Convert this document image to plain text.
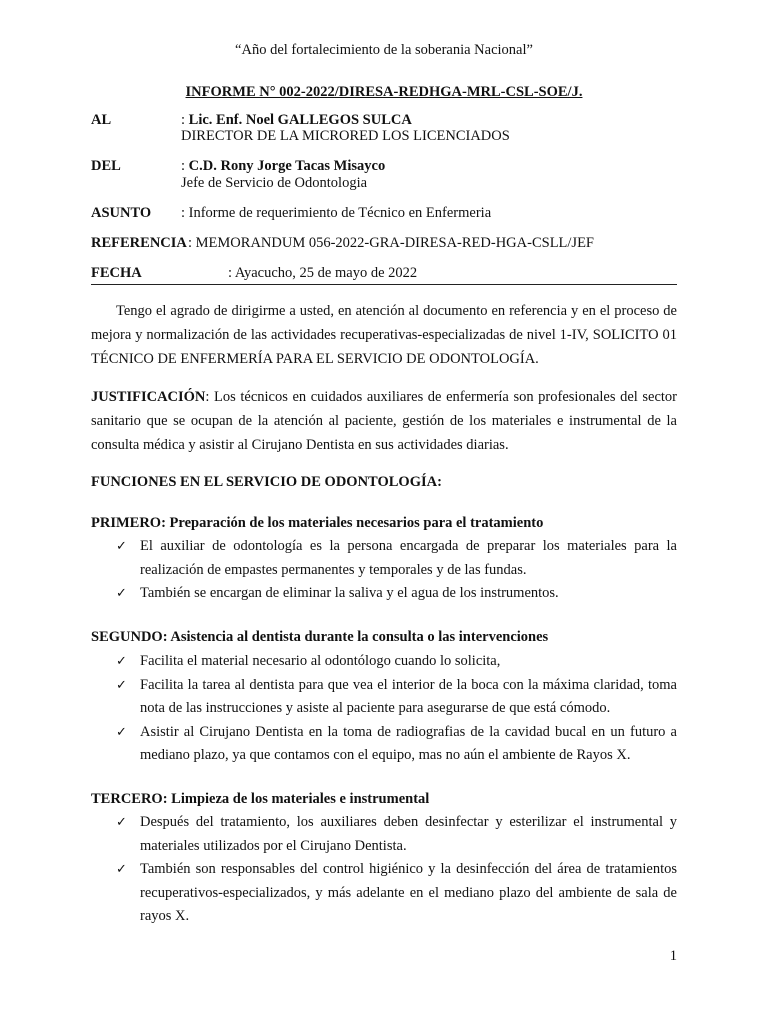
“Año del fortalecimiento de la soberania Nacional”
INFORME N° 002-2022/DIRESA-REDHGA-MRL-CSL-SOE/J.
AL	: Lic. Enf. Noel GALLEGOS SULCA
DIRECTOR DE LA MICRORED LOS LICENCIADOS
DEL	: C.D. Rony Jorge Tacas Misayco
Jefe de Servicio de Odontologia
ASUNTO : Informe de requerimiento de Técnico en Enfermeria
REFERENCIA : MEMORANDUM 056-2022-GRA-DIRESA-RED-HGA-CSLL/JEF
FECHA	: Ayacucho, 25 de mayo de 2022
Tengo el agrado de dirigirme a usted, en atención al documento en referencia y en el proceso de mejora y normalización de las actividades recuperativas-especializadas de nivel 1-IV, SOLICITO 01 TÉCNICO DE ENFERMERÍA PARA EL SERVICIO DE ODONTOLOGÍA.
JUSTIFICACIÓN: Los técnicos en cuidados auxiliares de enfermería son profesionales del sector sanitario que se ocupan de la atención al paciente, gestión de los materiales e instrumental de la consulta médica y asistir al Cirujano Dentista en sus actividades diarias.
FUNCIONES EN EL SERVICIO DE ODONTOLOGÍA:
PRIMERO: Preparación de los materiales necesarios para el tratamiento
✓ El auxiliar de odontología es la persona encargada de preparar los materiales para la realización de empastes permanentes y temporales y de las fundas.
✓ También se encargan de eliminar la saliva y el agua de los instrumentos.
SEGUNDO: Asistencia al dentista durante la consulta o las intervenciones
✓ Facilita el material necesario al odontólogo cuando lo solicita,
✓ Facilita la tarea al dentista para que vea el interior de la boca con la máxima claridad, toma nota de las instrucciones y asiste al paciente para asegurarse de que está cómodo.
✓ Asistir al Cirujano Dentista en la toma de radiografias de la cavidad bucal en un futuro a mediano plazo, ya que contamos con el equipo, mas no aún el ambiente de Rayos X.
TERCERO: Limpieza de los materiales e instrumental
✓ Después del tratamiento, los auxiliares deben desinfectar y esterilizar el instrumental y materiales utilizados por el Cirujano Dentista.
✓ También son responsables del control higiénico y la desinfección del área de tratamientos recuperativos-especializados, y más adelante en el mediano plazo del ambiente de sala de rayos X.
1
